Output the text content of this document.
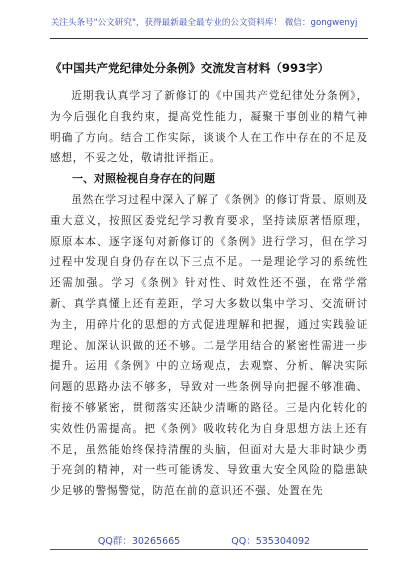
关注头条号"公文研究"，获得最新最全最专业的公文资料库！ 微信：gongwenyj
《中国共产党纪律处分条例》交流发言材料（993字）

近期我认真学习了新修订的《中国共产党纪律处分条例》，为今后强化自我约束，提高党性能力，凝聚干事创业的精气神明确了方向。结合工作实际，谈谈个人在工作中存在的不足及感想，不妥之处，敬请批评指正。

一、对照检视自身存在的问题

虽然在学习过程中深入了解了《条例》的修订背景、原则及重大意义，按照区委党纪学习教育要求，坚持读原著悟原理，原原本本、逐字逐句对新修订的《条例》进行学习，但在学习过程中发现自身仍存在以下三点不足。一是理论学习的系统性还需加强。学习《条例》针对性、时效性还不强，在常学常新、真学真懂上还有差距，学习大多数以集中学习、交流研讨为主，用碎片化的思想的方式促进理解和把握，通过实践验证理论、加深认识做的还不够。二是学用结合的紧密性需进一步提升。运用《条例》中的立场观点，去观察、分析、解决实际问题的思路办法不够多，导致对一些条例导向把握不够准确、衔接不够紧密，贯彻落实还缺少清晰的路径。三是内化转化的实效性仍需提高。把《条例》吸收转化为自身思想方法上还有不足，虽然能始终保持清醒的头脑，但面对大是大非时缺少勇于亮剑的精神，对一些可能诱发、导致重大安全风险的隐患缺少足够的警惕警觉，防范在前的意识还不强、处置在先

QQ群：30265665	QQ：535304092
